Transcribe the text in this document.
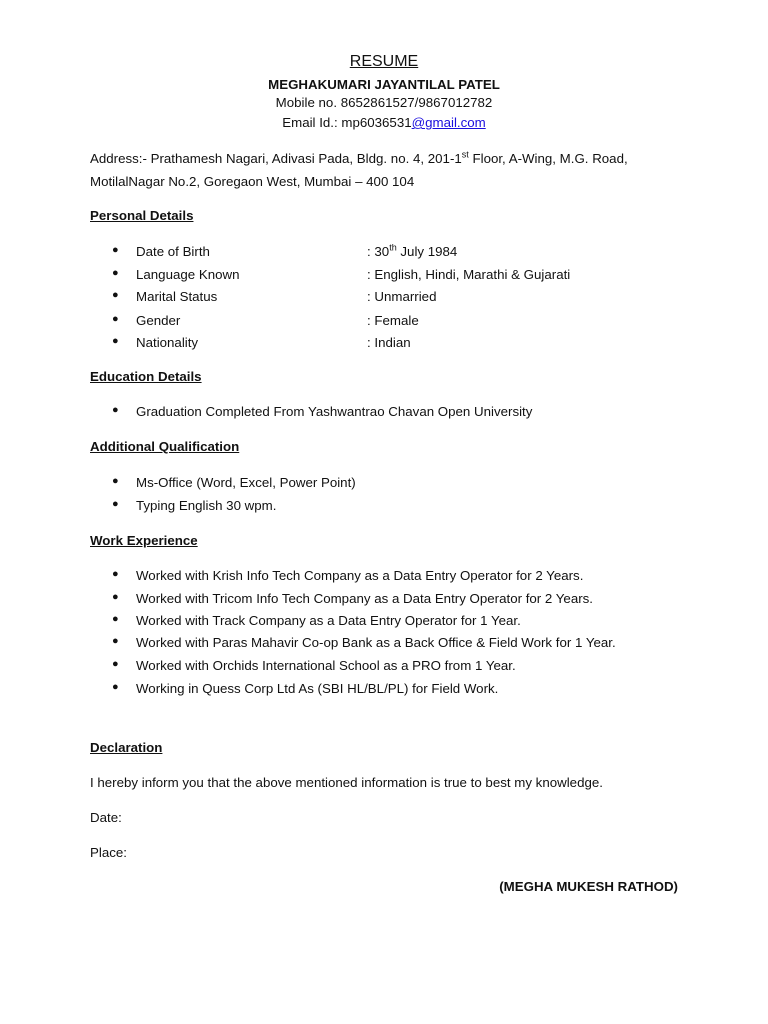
RESUME
MEGHAKUMARI JAYANTILAL PATEL
Mobile no. 8652861527/9867012782
Email Id.: mp6036531@gmail.com
Address:- Prathamesh Nagari, Adivasi Pada, Bldg. no. 4, 201-1st Floor, A-Wing, M.G. Road,
MotilalNagar No.2, Goregaon West, Mumbai – 400 104
Personal Details
● Date of Birth	: 30th July 1984
● Language Known	: English, Hindi, Marathi & Gujarati
● Marital Status	: Unmarried
● Gender	: Female
● Nationality	: Indian
Education Details
● Graduation Completed From Yashwantrao Chavan Open University
Additional Qualification
● Ms-Office (Word, Excel, Power Point)
● Typing English 30 wpm.
Work Experience
● Worked with Krish Info Tech Company as a Data Entry Operator for 2 Years.
● Worked with Tricom Info Tech Company as a Data Entry Operator for 2 Years.
● Worked with Track Company as a Data Entry Operator for 1 Year.
● Worked with Paras Mahavir Co-op Bank as a Back Office & Field Work for 1 Year.
● Worked with Orchids International School as a PRO from 1 Year.
● Working in Quess Corp Ltd As (SBI HL/BL/PL) for Field Work.
Declaration
I hereby inform you that the above mentioned information is true to best my knowledge.
Date:
Place:
(MEGHA MUKESH RATHOD)
